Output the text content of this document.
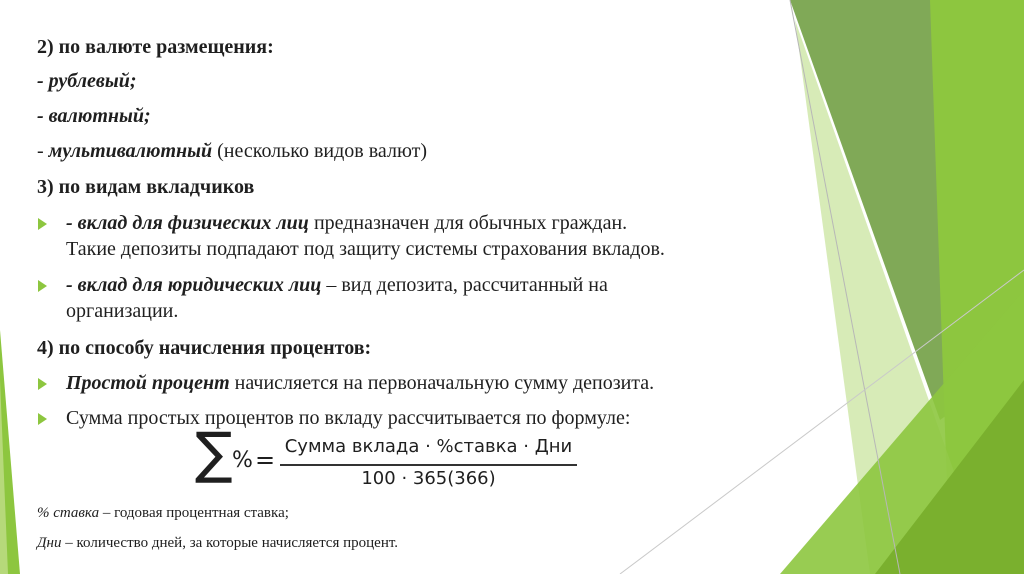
2) по валюте размещения:
- рублевый;
- валютный;
- мультивалютный (несколько видов валют)
3) по видам вкладчиков
- вклад для физических лиц предназначен для обычных граждан.
Такие депозиты подпадают под защиту системы страхования вкладов.
- вклад для юридических лиц – вид депозита, рассчитанный на
организации.
4) по способу начисления процентов:
Простой процент начисляется на первоначальную сумму депозита.
Сумма простых процентов по вкладу рассчитывается по формуле:
∑ % = Сумма вклада · %ставка · Дни
100 · 365(366)
% ставка – годовая процентная ставка;
Дни – количество дней, за которые начисляется процент.
